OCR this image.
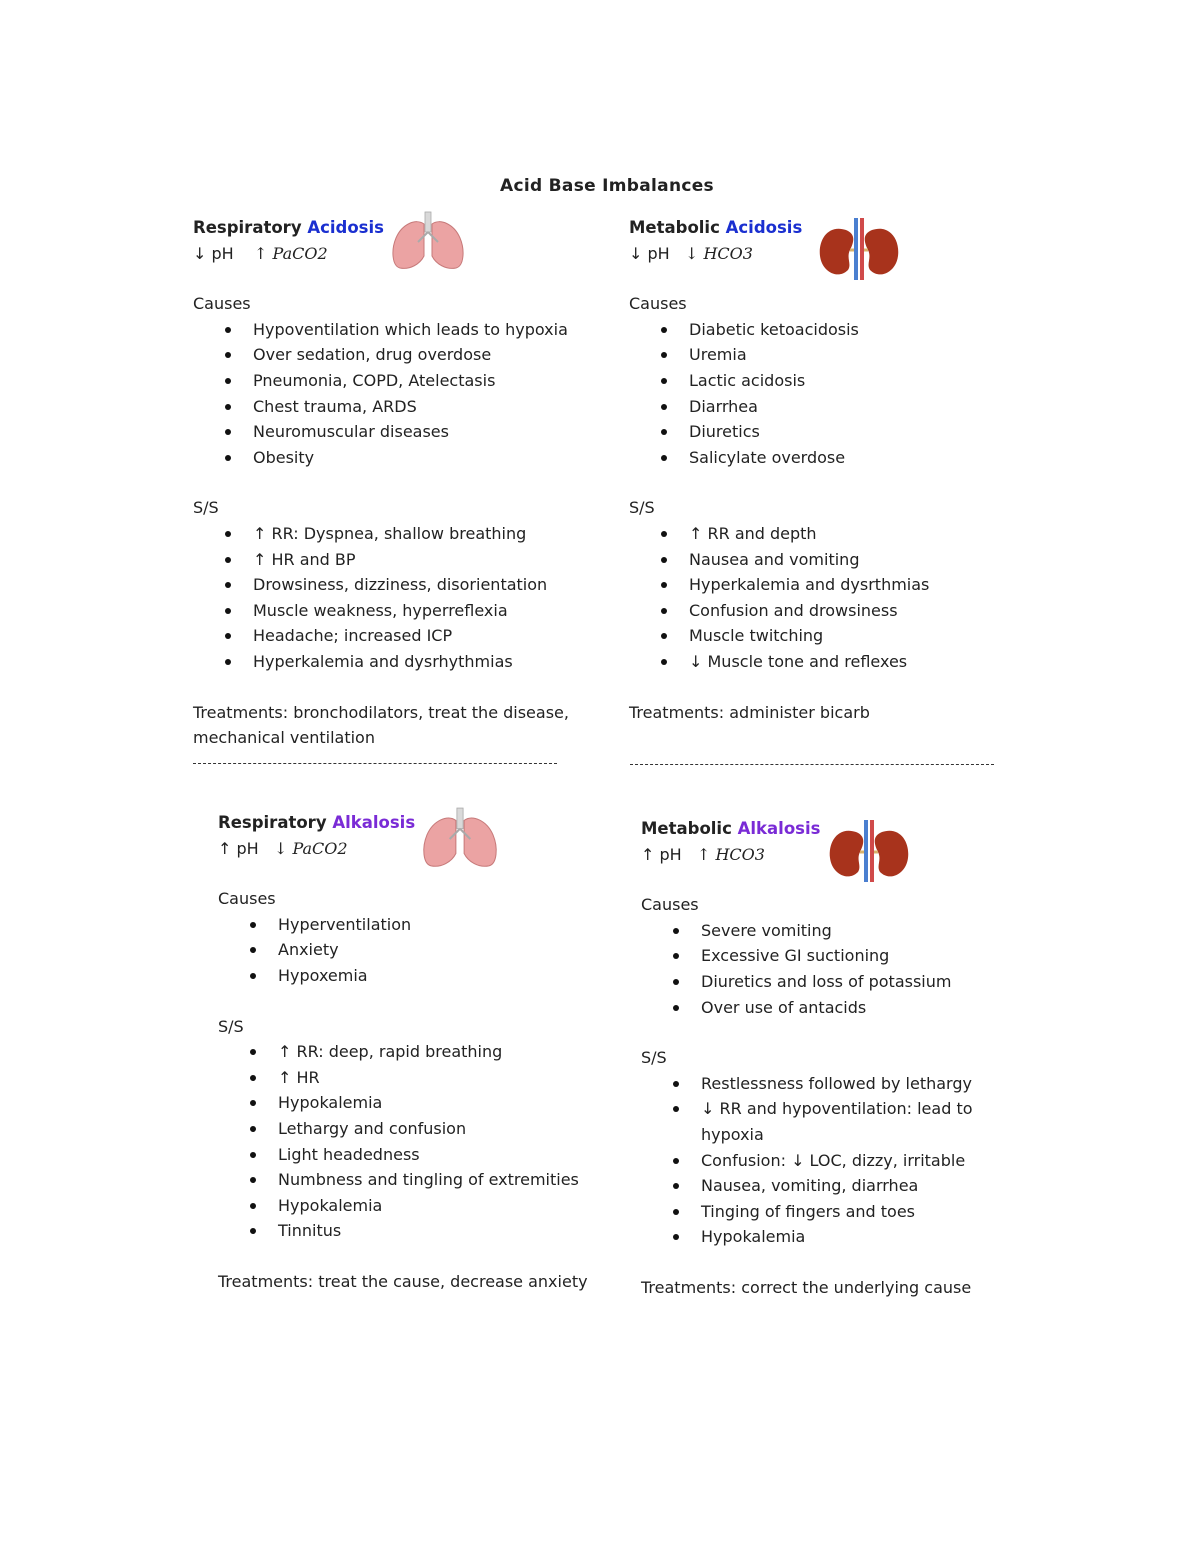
Acid Base Imbalances
Respiratory Acidosis
↓ pH ↑ PaCO2
Causes
Hypoventilation which leads to hypoxia
Over sedation, drug overdose
Pneumonia, COPD, Atelectasis
Chest trauma, ARDS
Neuromuscular diseases
Obesity
S/S
↑ RR: Dyspnea, shallow breathing
↑ HR and BP
Drowsiness, dizziness, disorientation
Muscle weakness, hyperreflexia
Headache; increased ICP
Hyperkalemia and dysrhythmias
Treatments: bronchodilators, treat the disease, mechanical ventilation
Metabolic Acidosis
↓ pH ↓ HCO3
Causes
Diabetic ketoacidosis
Uremia
Lactic acidosis
Diarrhea
Diuretics
Salicylate overdose
S/S
↑ RR and depth
Nausea and vomiting
Hyperkalemia and dysrthmias
Confusion and drowsiness
Muscle twitching
↓ Muscle tone and reflexes
Treatments: administer bicarb
Respiratory Alkalosis
↑ pH ↓ PaCO2
Causes
Hyperventilation
Anxiety
Hypoxemia
S/S
↑ RR: deep, rapid breathing
↑ HR
Hypokalemia
Lethargy and confusion
Light headedness
Numbness and tingling of extremities
Hypokalemia
Tinnitus
Treatments: treat the cause, decrease anxiety
Metabolic Alkalosis
↑ pH ↑ HCO3
Causes
Severe vomiting
Excessive GI suctioning
Diuretics and loss of potassium
Over use of antacids
S/S
Restlessness followed by lethargy
↓ RR and hypoventilation: lead to hypoxia
Confusion: ↓ LOC, dizzy, irritable
Nausea, vomiting, diarrhea
Tinging of fingers and toes
Hypokalemia
Treatments: correct the underlying cause
